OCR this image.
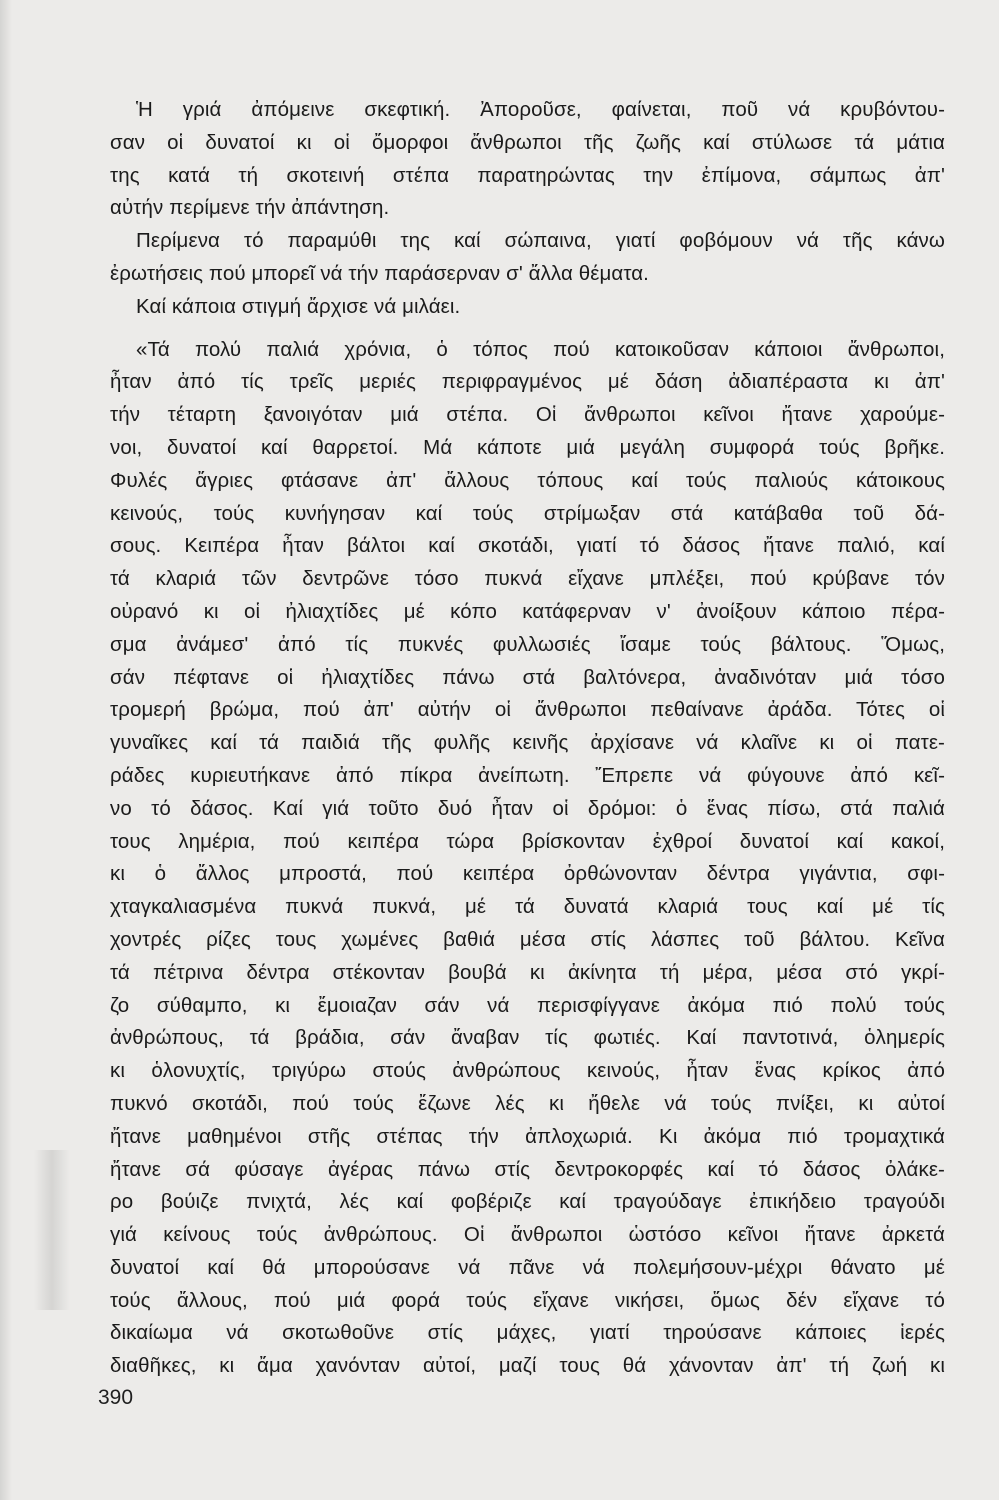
Ἡ γριά ἀπόμεινε σκεφτική. Ἀποροῦσε, φαίνεται, ποῦ νά κρυβόντου-
σαν οἱ δυνατοί κι οἱ ὄμορφοι ἄνθρωποι τῆς ζωῆς καί στύλωσε τά μάτια
της κατά τή σκοτεινή στέπα παρατηρώντας την ἐπίμονα, σάμπως ἀπ'
αὐτήν περίμενε τήν ἀπάντηση.

Περίμενα τό παραμύθι της καί σώπαινα, γιατί φοβόμουν νά τῆς κάνω
ἐρωτήσεις πού μπορεῖ νά τήν παράσερναν σ' ἄλλα θέματα.

Καί κάποια στιγμή ἄρχισε νά μιλάει.

«Τά πολύ παλιά χρόνια, ὁ τόπος πού κατοικοῦσαν κάποιοι ἄνθρωποι,
ἦταν ἀπό τίς τρεῖς μεριές περιφραγμένος μέ δάση ἀδιαπέραστα κι ἀπ'
τήν τέταρτη ξανοιγόταν μιά στέπα. Οἱ ἄνθρωποι κεῖνοι ἤτανε χαρούμε-
νοι, δυνατοί καί θαρρετοί. Μά κάποτε μιά μεγάλη συμφορά τούς βρῆκε.
Φυλές ἄγριες φτάσανε ἀπ' ἄλλους τόπους καί τούς παλιούς κάτοικους
κεινούς, τούς κυνήγησαν καί τούς στρίμωξαν στά κατάβαθα τοῦ δά-
σους. Κειπέρα ἦταν βάλτοι καί σκοτάδι, γιατί τό δάσος ἤτανε παλιό, καί
τά κλαριά τῶν δεντρῶνε τόσο πυκνά εἴχανε μπλέξει, πού κρύβανε τόν
οὐρανό κι οἱ ἠλιαχτίδες μέ κόπο κατάφερναν ν' ἀνοίξουν κάποιο πέρα-
σμα ἀνάμεσ' ἀπό τίς πυκνές φυλλωσιές ἴσαμε τούς βάλτους. Ὅμως,
σάν πέφτανε οἱ ἠλιαχτίδες πάνω στά βαλτόνερα, ἀναδινόταν μιά τόσο
τρομερή βρώμα, πού ἀπ' αὐτήν οἱ ἄνθρωποι πεθαίνανε ἀράδα. Τότες οἱ
γυναῖκες καί τά παιδιά τῆς φυλῆς κεινῆς ἀρχίσανε νά κλαῖνε κι οἱ πατε-
ράδες κυριευτήκανε ἀπό πίκρα ἀνείπωτη. Ἔπρεπε νά φύγουνε ἀπό κεῖ-
νο τό δάσος. Καί γιά τοῦτο δυό ἦταν οἱ δρόμοι: ὁ ἕνας πίσω, στά παλιά
τους λημέρια, πού κειπέρα τώρα βρίσκονταν ἐχθροί δυνατοί καί κακοί,
κι ὁ ἄλλος μπροστά, πού κειπέρα ὀρθώνονταν δέντρα γιγάντια, σφι-
χταγκαλιασμένα πυκνά πυκνά, μέ τά δυνατά κλαριά τους καί μέ τίς
χοντρές ρίζες τους χωμένες βαθιά μέσα στίς λάσπες τοῦ βάλτου. Κεῖνα
τά πέτρινα δέντρα στέκονταν βουβά κι ἀκίνητα τή μέρα, μέσα στό γκρί-
ζο σύθαμπο, κι ἔμοιαζαν σάν νά περισφίγγανε ἀκόμα πιό πολύ τούς
ἀνθρώπους, τά βράδια, σάν ἄναβαν τίς φωτιές. Καί παντοτινά, ὁλημερίς
κι ὁλονυχτίς, τριγύρω στούς ἀνθρώπους κεινούς, ἦταν ἕνας κρίκος ἀπό
πυκνό σκοτάδι, πού τούς ἔζωνε λές κι ἤθελε νά τούς πνίξει, κι αὐτοί
ἤτανε μαθημένοι στῆς στέπας τήν ἀπλοχωριά. Κι ἀκόμα πιό τρομαχτικά
ἤτανε σά φύσαγε ἀγέρας πάνω στίς δεντροκορφές καί τό δάσος ὀλάκε-
ρο βούιζε πνιχτά, λές καί φοβέριζε καί τραγούδαγε ἐπικήδειο τραγούδι
γιά κείνους τούς ἀνθρώπους. Οἱ ἄνθρωποι ὡστόσο κεῖνοι ἤτανε ἀρκετά
δυνατοί καί θά μπορούσανε νά πᾶνε νά πολεμήσουν-μέχρι θάνατο μέ
τούς ἄλλους, πού μιά φορά τούς εἴχανε νικήσει, ὅμως δέν εἴχανε τό
δικαίωμα νά σκοτωθοῦνε στίς μάχες, γιατί τηρούσανε κάποιες ἱερές
διαθῆκες, κι ἄμα χανόνταν αὐτοί, μαζί τους θά χάνονταν ἀπ' τή ζωή κι

390
